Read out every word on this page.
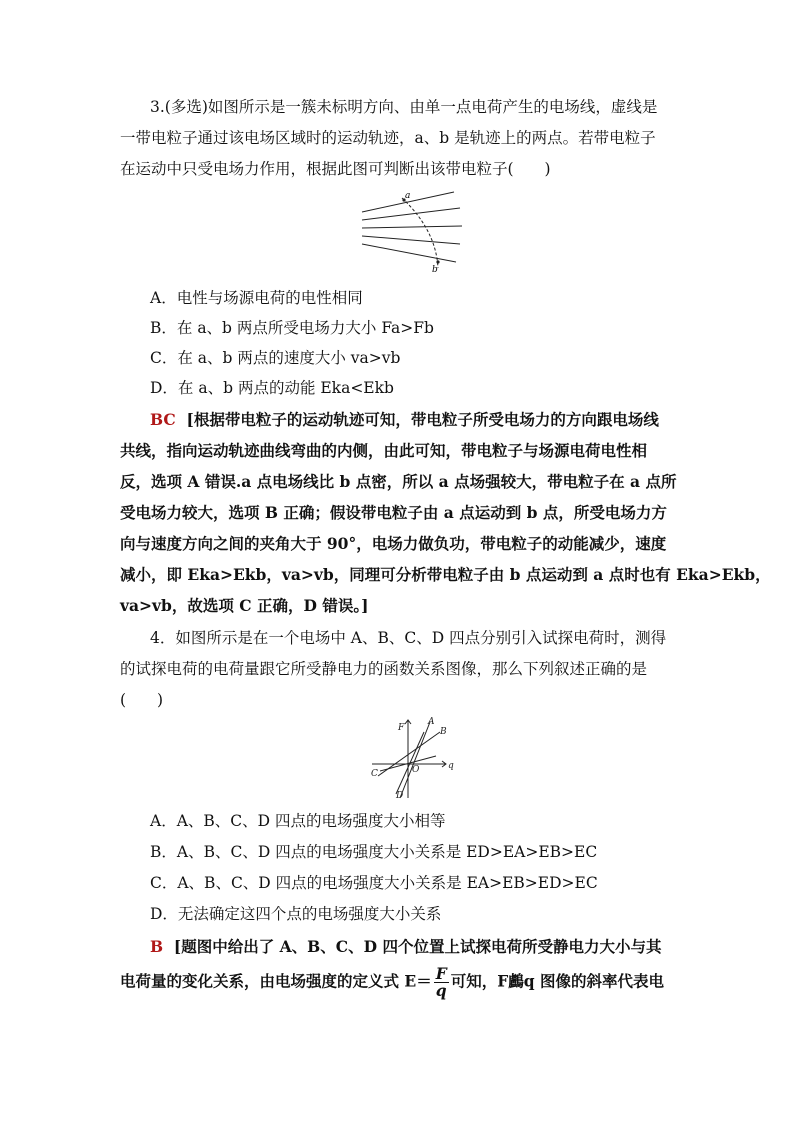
3.(多选)如图所示是一簇未标明方向、由单一点电荷产生的电场线，虚线是
一带电粒子通过该电场区域时的运动轨迹，a、b 是轨迹上的两点。若带电粒子
在运动中只受电场力作用，根据此图可判断出该带电粒子(　　)
a
b
A．电性与场源电荷的电性相同
B．在 a、b 两点所受电场力大小 Fa>Fb
C．在 a、b 两点的速度大小 va>vb
D．在 a、b 两点的动能 Eka<Ekb
BC [根据带电粒子的运动轨迹可知，带电粒子所受电场力的方向跟电场线
共线，指向运动轨迹曲线弯曲的内侧，由此可知，带电粒子与场源电荷电性相
反，选项 A 错误.a 点电场线比 b 点密，所以 a 点场强较大，带电粒子在 a 点所
受电场力较大，选项 B 正确；假设带电粒子由 a 点运动到 b 点，所受电场力方
向与速度方向之间的夹角大于 90°，电场力做负功，带电粒子的动能减少，速度
减小，即 Eka>Ekb，va>vb，同理可分析带电粒子由 b 点运动到 a 点时也有 Eka>Ekb，
va>vb，故选项 C 正确，D 错误。]
4．如图所示是在一个电场中 A、B、C、D 四点分别引入试探电荷时，测得
的试探电荷的电荷量跟它所受静电力的函数关系图像，那么下列叙述正确的是
(　　)
F
q
O
A
B
C
D
A．A、B、C、D 四点的电场强度大小相等
B．A、B、C、D 四点的电场强度大小关系是 ED>EA>EB>EC
C．A、B、C、D 四点的电场强度大小关系是 EA>EB>ED>EC
D．无法确定这四个点的电场强度大小关系
B [题图中给出了 A、B、C、D 四个位置上试探电荷所受静电力大小与其
电荷量的变化关系，由电场强度的定义式 $E= \frac{F}{q}$ 可知，F鸕q 图像的斜率代表电
